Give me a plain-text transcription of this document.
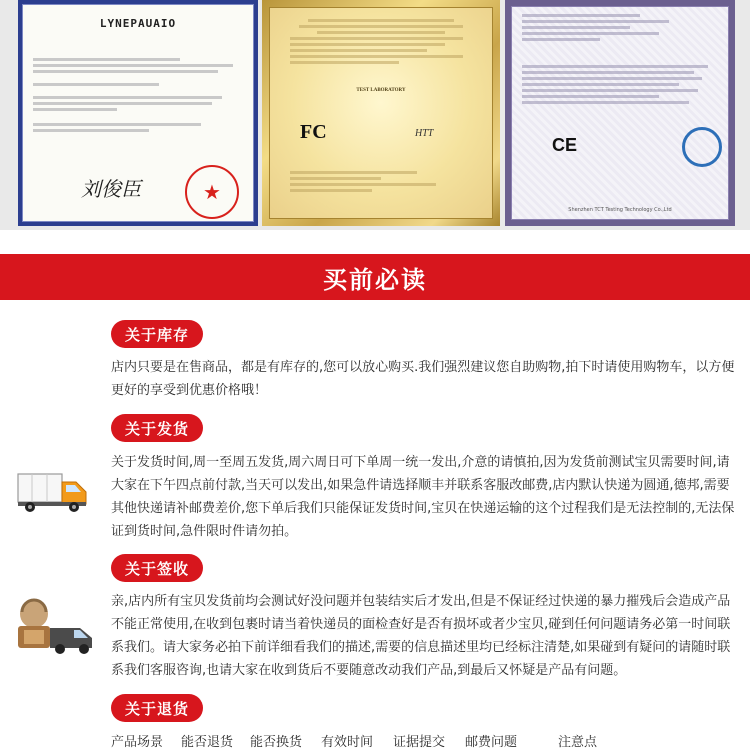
LYNEPAUAIO
刘俊臣	★
TEST LABORATORY
FC	HTT
CE
Shenzhen TCT Testing Technology Co.,Ltd
买前必读
关于库存
店内只要是在售商品，都是有库存的,您可以放心购买.我们强烈建议您自助购物,拍下时请使用购物车，以方便更好的享受到优惠价格哦！
关于发货
关于发货时间,周一至周五发货,周六周日可下单周一统一发出,介意的请慎拍,因为发货前测试宝贝需要时间,请大家在下午四点前付款,当天可以发出,如果急件请选择顺丰并联系客服改邮费,店内默认快递为圆通,德邦,需要其他快递请补邮费差价,您下单后我们只能保证发货时间,宝贝在快递运输的这个过程我们是无法控制的,无法保证到货时间,急件限时件请勿拍。
关于签收
亲,店内所有宝贝发货前均会测试好没问题并包装结实后才发出,但是不保证经过快递的暴力摧残后会造成产品不能正常使用,在收到包裹时请当着快递员的面检查好是否有损坏或者少宝贝,碰到任何问题请务必第一时间联系我们。请大家务必拍下前详细看我们的描述,需要的信息描述里均已经标注清楚,如果碰到有疑问的请随时联系我们客服咨询,也请大家在收到货后不要随意改动我们产品,到最后又怀疑是产品有问题。
关于退货
产品场景 能否退货 能否换货 有效时间 证据提交 邮费问题	注意点
